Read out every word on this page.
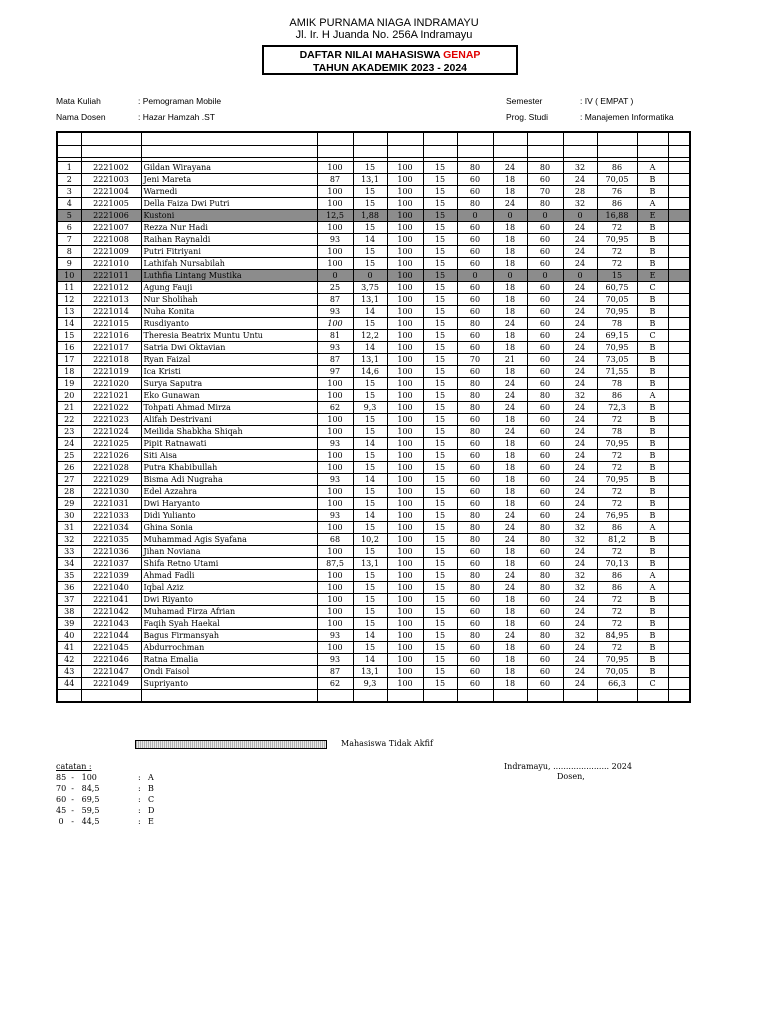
AMIK PURNAMA NIAGA INDRAMAYU
Jl. Ir. H Juanda No. 256A Indramayu
DAFTAR NILAI MAHASISWA GENAP
TAHUN AKADEMIK 2023 - 2024
Mata Kuliah	: Pemograman Mobile
Nama Dosen	: Hazar Hamzah .ST
Semester	: IV ( EMPAT )
Prog. Studi	: Manajemen Informatika

1	2221002	Gildan Wirayana	100	15	100	15	80	24	80	32	86	A	
2	2221003	Jeni Mareta	87	13,1	100	15	60	18	60	24	70,05	B	
3	2221004	Warnedi	100	15	100	15	60	18	70	28	76	B	
4	2221005	Della Faiza Dwi Putri	100	15	100	15	80	24	80	32	86	A	
5	2221006	Kustoni	12,5	1,88	100	15	0	0	0	0	16,88	E	
6	2221007	Rezza Nur Hadi	100	15	100	15	60	18	60	24	72	B	
7	2221008	Raihan Raynaldi	93	14	100	15	60	18	60	24	70,95	B	
8	2221009	Putri Fitriyani	100	15	100	15	60	18	60	24	72	B	
9	2221010	Lathifah Nursabilah	100	15	100	15	60	18	60	24	72	B	
10	2221011	Luthfia Lintang Mustika	0	0	100	15	0	0	0	0	15	E	
11	2221012	Agung Fauji	25	3,75	100	15	60	18	60	24	60,75	C	
12	2221013	Nur Sholihah	87	13,1	100	15	60	18	60	24	70,05	B	
13	2221014	Nuha Konita	93	14	100	15	60	18	60	24	70,95	B	
14	2221015	Rusdiyanto	100	15	100	15	80	24	60	24	78	B	
15	2221016	Theresia Beatrix Muntu Untu	81	12,2	100	15	60	18	60	24	69,15	C	
16	2221017	Satria Dwi Oktavian	93	14	100	15	60	18	60	24	70,95	B	
17	2221018	Ryan Faizal	87	13,1	100	15	70	21	60	24	73,05	B	
18	2221019	Ica Kristi	97	14,6	100	15	60	18	60	24	71,55	B	
19	2221020	Surya Saputra	100	15	100	15	80	24	60	24	78	B	
20	2221021	Eko Gunawan	100	15	100	15	80	24	80	32	86	A	
21	2221022	Tohpati Ahmad Mirza	62	9,3	100	15	80	24	60	24	72,3	B	
22	2221023	Alifah Destrivani	100	15	100	15	60	18	60	24	72	B	
23	2221024	Meilida Shabkha Shiqah	100	15	100	15	80	24	60	24	78	B	
24	2221025	Pipit Ratnawati	93	14	100	15	60	18	60	24	70,95	B	
25	2221026	Siti Aisa	100	15	100	15	60	18	60	24	72	B	
26	2221028	Putra Khabibullah	100	15	100	15	60	18	60	24	72	B	
27	2221029	Bisma Adi Nugraha	93	14	100	15	60	18	60	24	70,95	B	
28	2221030	Edel Azzahra	100	15	100	15	60	18	60	24	72	B	
29	2221031	Dwi Haryanto	100	15	100	15	60	18	60	24	72	B	
30	2221033	Didi Yulianto	93	14	100	15	80	24	60	24	76,95	B	
31	2221034	Ghina Sonia	100	15	100	15	80	24	80	32	86	A	
32	2221035	Muhammad Agis Syafana	68	10,2	100	15	80	24	80	32	81,2	B	
33	2221036	Jihan Noviana	100	15	100	15	60	18	60	24	72	B	
34	2221037	Shifa Retno Utami	87,5	13,1	100	15	60	18	60	24	70,13	B	
35	2221039	Ahmad Fadli	100	15	100	15	80	24	80	32	86	A	
36	2221040	Iqbal Aziz	100	15	100	15	80	24	80	32	86	A	
37	2221041	Dwi Riyanto	100	15	100	15	60	18	60	24	72	B	
38	2221042	Muhamad Firza Afrian	100	15	100	15	60	18	60	24	72	B	
39	2221043	Faqih Syah Haekal	100	15	100	15	60	18	60	24	72	B	
40	2221044	Bagus Firmansyah	93	14	100	15	80	24	80	32	84,95	B	
41	2221045	Abdurrochman	100	15	100	15	60	18	60	24	72	B	
42	2221046	Ratna Emalia	93	14	100	15	60	18	60	24	70,95	B	
43	2221047	Ondi Faisol	87	13,1	100	15	60	18	60	24	70,05	B	
44	2221049	Supriyanto	62	9,3	100	15	60	18	60	24	66,3	C	

Mahasiswa Tidak Akfif
catatan :
85  -   100	: A
70  -   84,5	: B
60  -   69,5	: C
45  -   59,5	: D
0   -   44,5	: E
Indramayu, ...................... 2024
Dosen,
